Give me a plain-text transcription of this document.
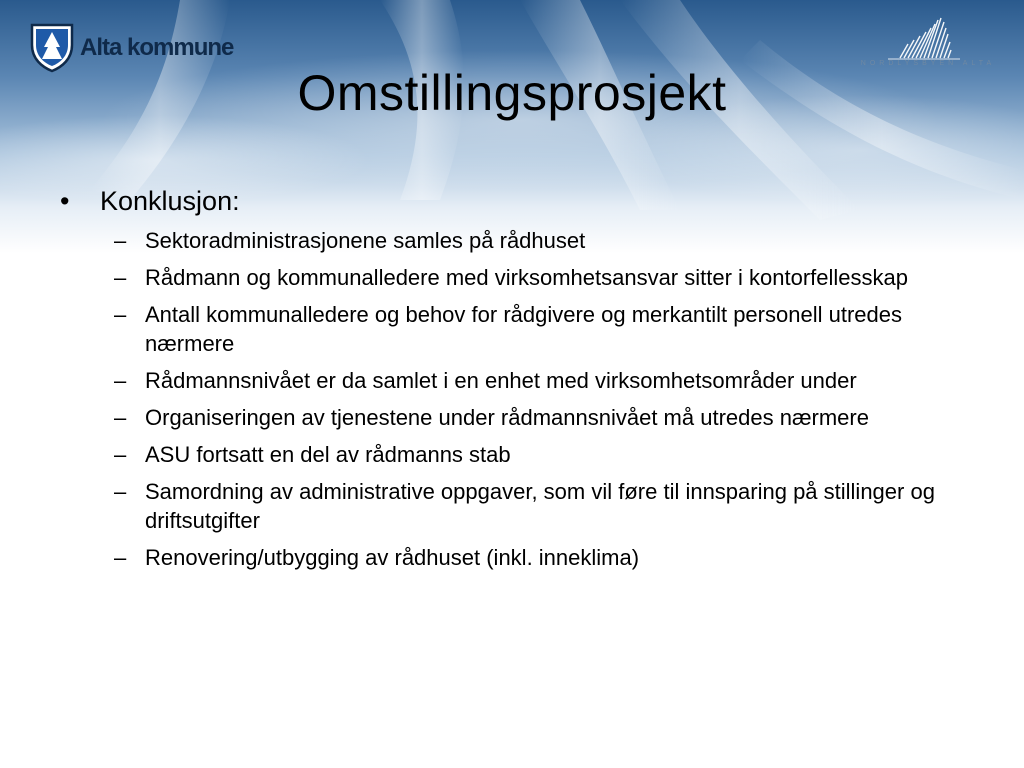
Alta kommune
NORDLYSBYEN ALTA
Omstillingsprosjekt
• Konklusjon:
– Sektoradministrasjonene samles på rådhuset
– Rådmann og kommunalledere med virksomhetsansvar sitter i kontorfellesskap
– Antall kommunalledere og behov for rådgivere og merkantilt personell utredes nærmere
– Rådmannsnivået er da samlet i en enhet med virksomhetsområder under
– Organiseringen av tjenestene under rådmannsnivået må utredes nærmere
– ASU fortsatt en del av rådmanns stab
– Samordning av administrative oppgaver, som vil føre til innsparing på stillinger og driftsutgifter
– Renovering/utbygging av rådhuset (inkl. inneklima)
